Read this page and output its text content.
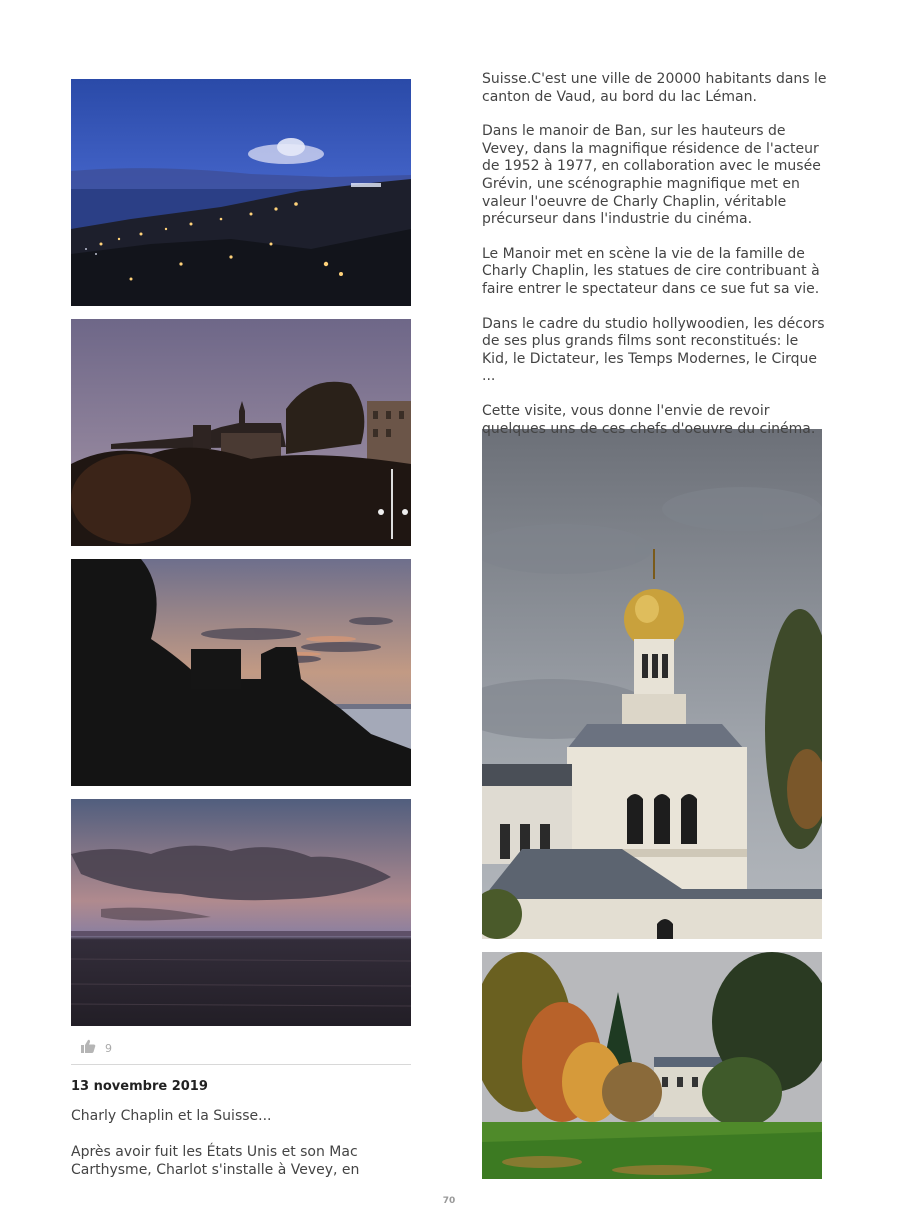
9
13 novembre 2019
Charly Chaplin et la Suisse...
Après avoir fuit les États Unis et son Mac Carthysme, Charlot s'installe à Vevey, en

Suisse.C'est une ville de 20000 habitants dans le canton de Vaud, au bord du lac Léman.

Dans le manoir de Ban, sur les hauteurs de Vevey, dans la magnifique résidence de l'acteur de 1952 à 1977, en collaboration avec le musée Grévin, une scénographie magnifique met en valeur l'oeuvre de Charly Chaplin, véritable précurseur dans l'industrie du cinéma.

Le Manoir met en scène la vie de la famille de Charly Chaplin, les statues de cire contribuant à faire entrer le spectateur dans ce sue fut sa vie.

Dans le cadre du studio hollywoodien, les décors de ses plus grands films sont reconstitués: le Kid, le Dictateur, les Temps Modernes, le Cirque ...

Cette visite, vous donne l'envie de revoir quelques uns de ces chefs d'oeuvre du cinéma.

70
